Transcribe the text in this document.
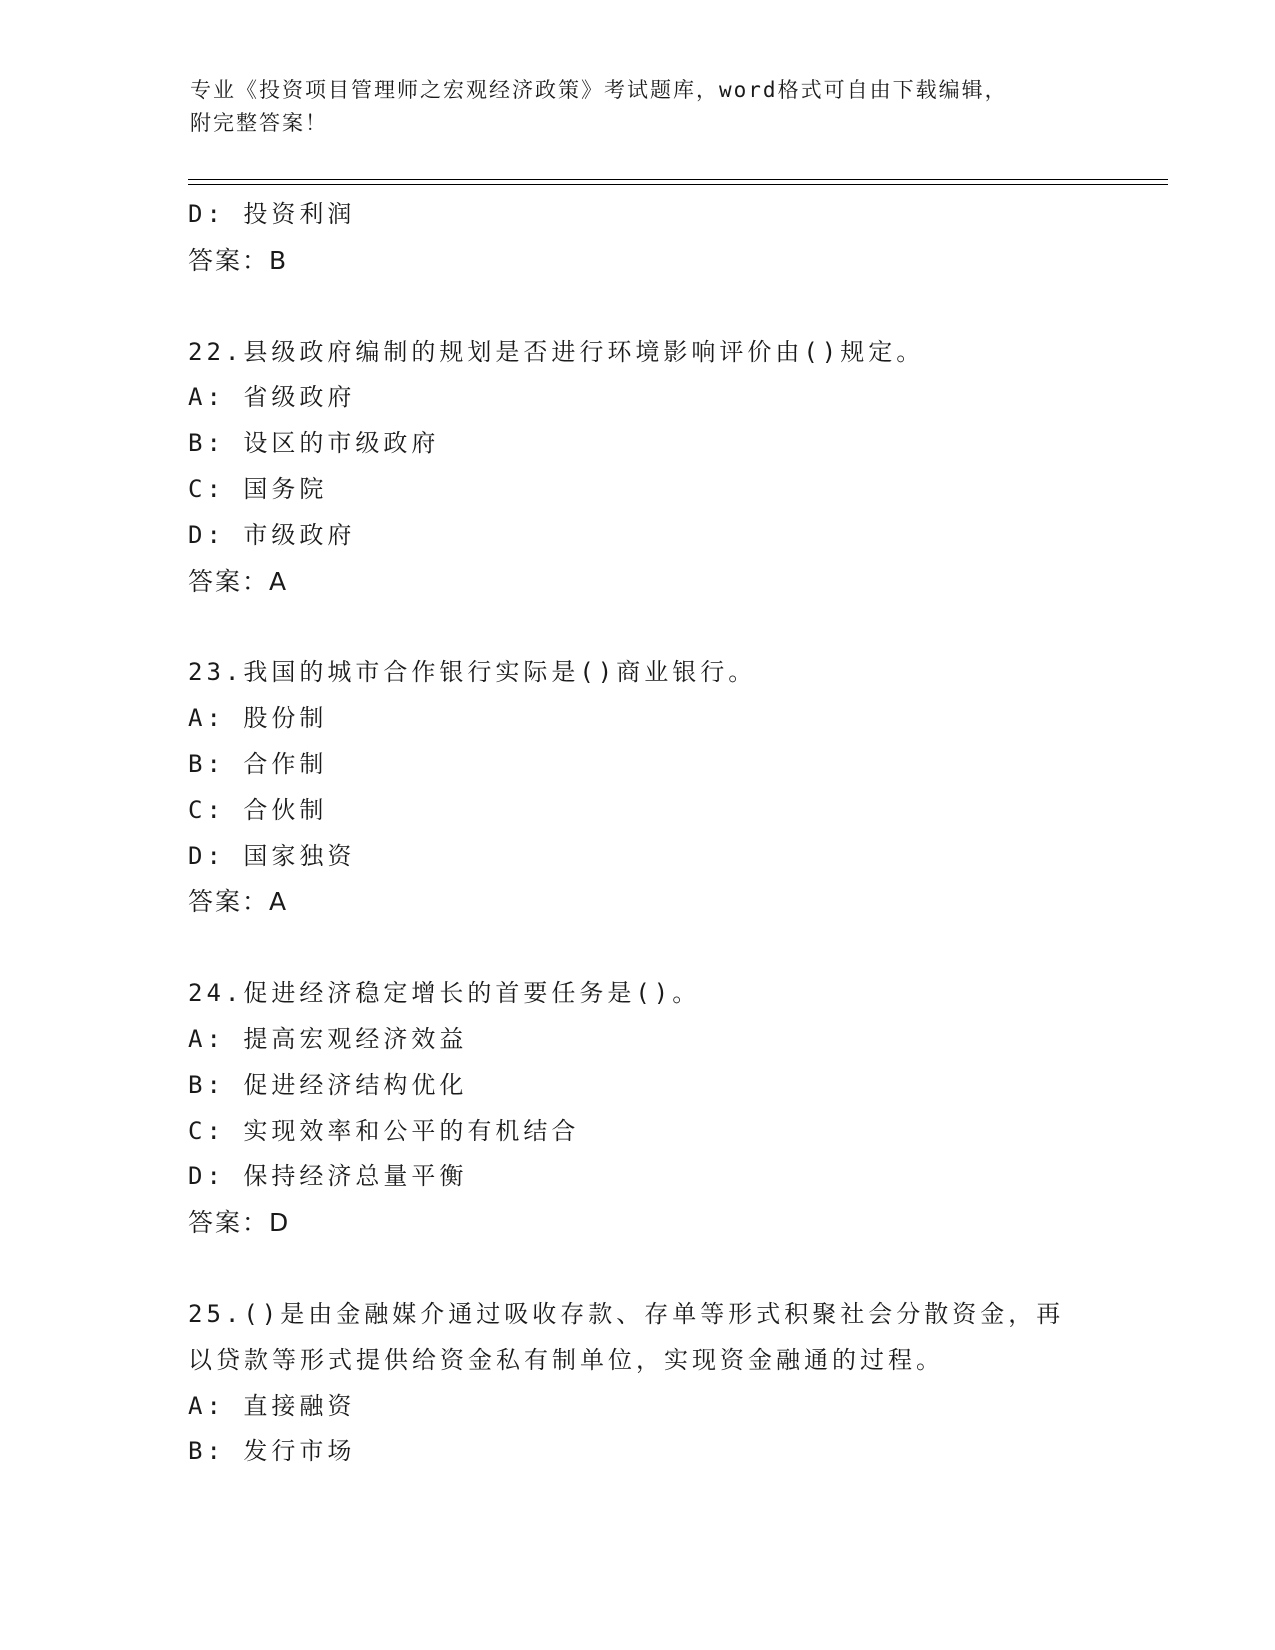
专业《投资项目管理师之宏观经济政策》考试题库，word格式可自由下载编辑，
附完整答案！
D: 投资利润
答案：B
22.县级政府编制的规划是否进行环境影响评价由()规定。
A: 省级政府
B: 设区的市级政府
C: 国务院
D: 市级政府
答案：A
23.我国的城市合作银行实际是()商业银行。
A: 股份制
B: 合作制
C: 合伙制
D: 国家独资
答案：A
24.促进经济稳定增长的首要任务是()。
A: 提高宏观经济效益
B: 促进经济结构优化
C: 实现效率和公平的有机结合
D: 保持经济总量平衡
答案：D
25.()是由金融媒介通过吸收存款、存单等形式积聚社会分散资金，再
以贷款等形式提供给资金私有制单位，实现资金融通的过程。
A: 直接融资
B: 发行市场
